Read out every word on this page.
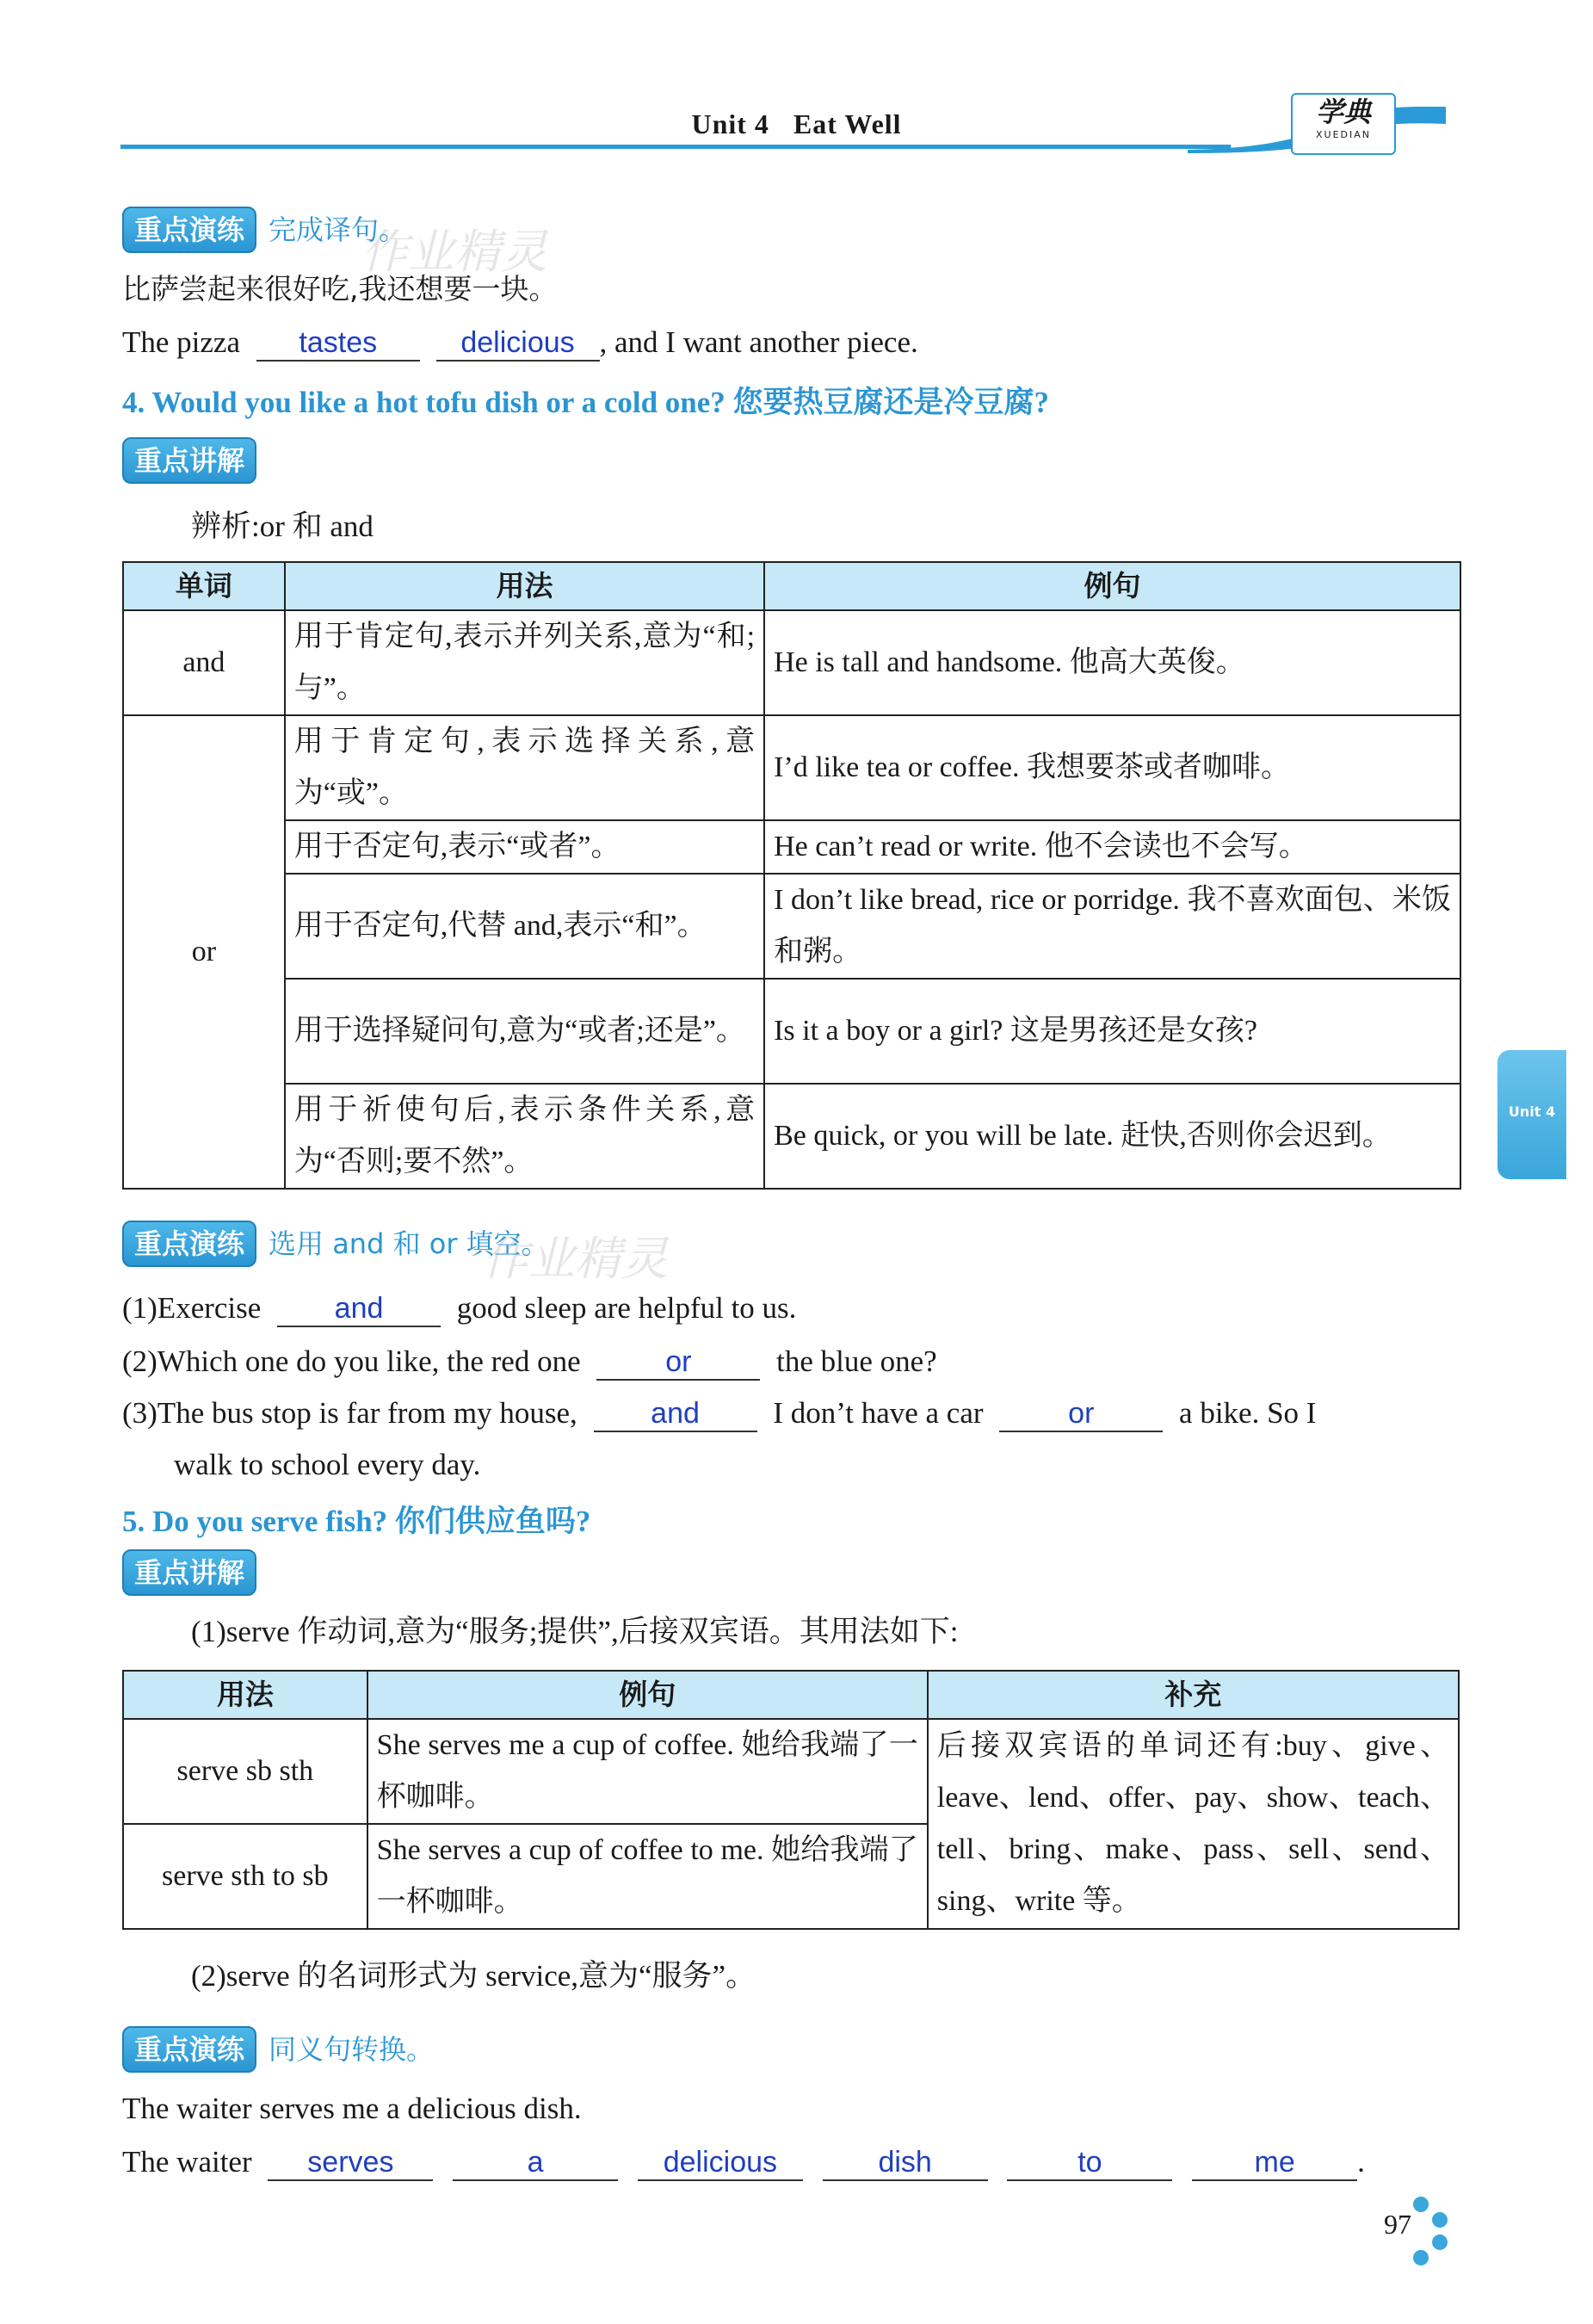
Unit 4 Eat Well	学典
XUEDIAN
作业精灵
作业精灵
重点演练 完成译句。
比萨尝起来很好吃,我还想要一块。
The pizza tastes	delicious , and I want another piece.
4. Would you like a hot tofu dish or a cold one? 您要热豆腐还是冷豆腐?
重点讲解
辨析:or 和 and
单词	用法	例句
and	用于肯定句,表示并列关系,意为“和;与”。	He is tall and handsome. 他高大英俊。
or	用于肯定句,表示选择关系,意为“或”。	I’d like tea or coffee. 我想要茶或者咖啡。
	用于否定句,表示“或者”。	He can’t read or write. 他不会读也不会写。
	用于否定句,代替 and,表示“和”。	I don’t like bread, rice or porridge. 我不喜欢面包、米饭和粥。
	用于选择疑问句,意为“或者;还是”。	Is it a boy or a girl? 这是男孩还是女孩?
	用于祈使句后,表示条件关系,意为“否则;要不然”。	Be quick, or you will be late. 赶快,否则你会迟到。
重点演练 选用 and 和 or 填空。
(1)Exercise	and good sleep are helpful to us.
(2)Which one do you like, the red one	or	the blue one?
(3)The bus stop is far from my house,	and I don’t have a car	or	a bike. So I
walk to school every day.
5. Do you serve fish? 你们供应鱼吗?
重点讲解
(1)serve 作动词,意为“服务;提供”,后接双宾语。其用法如下:
用法	例句	补充
serve sb sth	She serves me a cup of coffee. 她给我端了一杯咖啡。	后接双宾语的单词还有:buy、give、leave、lend、offer、pay、show、teach、tell、bring、make、pass、sell、send、sing、write 等。
serve sth to sb	She serves a cup of coffee to me. 她给我端了一杯咖啡。	
(2)serve 的名词形式为 service,意为“服务”。
重点演练 同义句转换。
The waiter serves me a delicious dish.
The waiter serves	a	delicious	dish	to	me .
Unit 4
97
